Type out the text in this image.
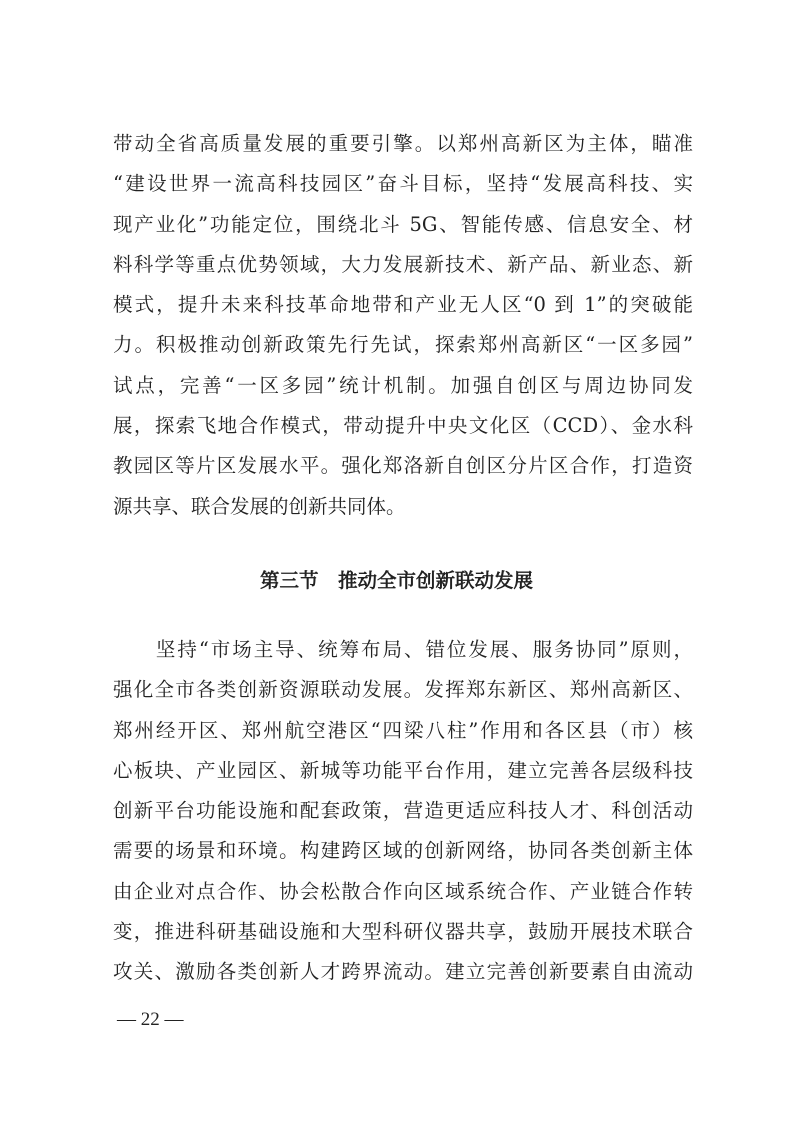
带动全省高质量发展的重要引擎。以郑州高新区为主体，瞄准
“建设世界一流高科技园区”奋斗目标，坚持“发展高科技、实
现产业化”功能定位，围绕北斗 5G、智能传感、信息安全、材
料科学等重点优势领域，大力发展新技术、新产品、新业态、新
模式，提升未来科技革命地带和产业无人区“0 到 1”的突破能
力。积极推动创新政策先行先试，探索郑州高新区“一区多园”
试点，完善“一区多园”统计机制。加强自创区与周边协同发
展，探索飞地合作模式，带动提升中央文化区（CCD）、金水科
教园区等片区发展水平。强化郑洛新自创区分片区合作，打造资
源共享、联合发展的创新共同体。

第三节　推动全市创新联动发展

　　坚持“市场主导、统筹布局、错位发展、服务协同”原则，
强化全市各类创新资源联动发展。发挥郑东新区、郑州高新区、
郑州经开区、郑州航空港区“四梁八柱”作用和各区县（市）核
心板块、产业园区、新城等功能平台作用，建立完善各层级科技
创新平台功能设施和配套政策，营造更适应科技人才、科创活动
需要的场景和环境。构建跨区域的创新网络，协同各类创新主体
由企业对点合作、协会松散合作向区域系统合作、产业链合作转
变，推进科研基础设施和大型科研仪器共享，鼓励开展技术联合
攻关、激励各类创新人才跨界流动。建立完善创新要素自由流动

— 22 —
